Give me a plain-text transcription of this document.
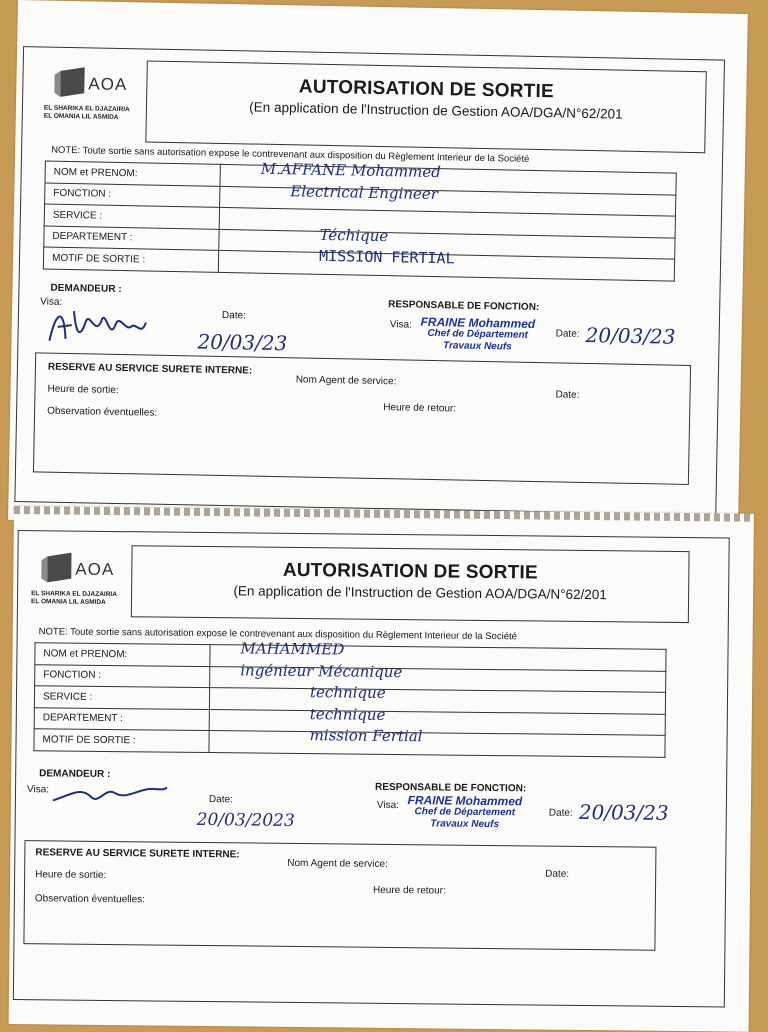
AOA
EL SHARIKA EL DJAZAIRIA
EL OMANIA LIL ASMIDA
AUTORISATION DE SORTIE
(En application de l'Instruction de Gestion AOA/DGA/N°62/201
NOTE: Toute sortie sans autorisation expose le contrevenant aux disposition du Règlement Interieur de la Société
NOM et PRENOM:	M.AFFANE Mohammed

FONCTION :	Electrical Engineer

SERVICE :	

DEPARTEMENT :	Téchique

MOTIF DE SORTIE :	MISSION FERTIAL
DEMANDEUR :
Visa:
Date:
20/03/23
RESPONSABLE DE FONCTION:
Visa: FRAINE Mohammed
Chef de Département
Travaux Neufs
Date: 20/03/23
RESERVE AU SERVICE SURETE INTERNE:
Nom Agent de service:
Date:
Heure de sortie:
Heure de retour:
Observation éventuelles:
AOA
EL SHARIKA EL DJAZAIRIA
EL OMANIA LIL ASMIDA
AUTORISATION DE SORTIE
(En application de l'Instruction de Gestion AOA/DGA/N°62/201
NOTE: Toute sortie sans autorisation expose le contrevenant aux disposition du Règlement Interieur de la Société
NOM et PRENOM:	MAHAMMED

FONCTION :	ingénieur Mécanique

SERVICE :	technique

DEPARTEMENT :	technique

MOTIF DE SORTIE :	mission Fertial
DEMANDEUR :
Visa:
Date:
20/03/2023
RESPONSABLE DE FONCTION:
Visa: FRAINE Mohammed
Chef de Département
Travaux Neufs
Date: 20/03/23
RESERVE AU SERVICE SURETE INTERNE:
Nom Agent de service:
Date:
Heure de sortie:
Heure de retour:
Observation éventuelles:
